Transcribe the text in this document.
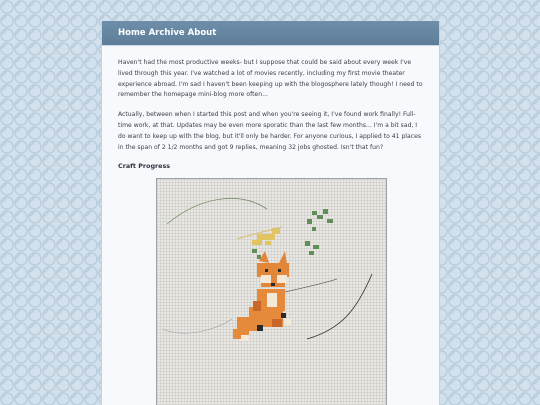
Home Archive About

Haven't had the most productive weeks- but I suppose that could be said about every week I've lived through this year. I've watched a lot of movies recently, including my first movie theater experience abroad. I'm sad I haven't been keeping up with the blogosphere lately though! I need to remember the homepage mini-blog more often...

Actually, between when I started this post and when you're seeing it, I've found work finally! Full-time work, at that. Updates may be even more sporatic than the last few months... I'm a bit sad, I do want to keep up with the blog, but it'll only be harder. For anyone curious, I applied to 41 places in the span of 2 1/2 months and got 9 replies, meaning 32 jobs ghosted. Isn't that fun?

Craft Progress
